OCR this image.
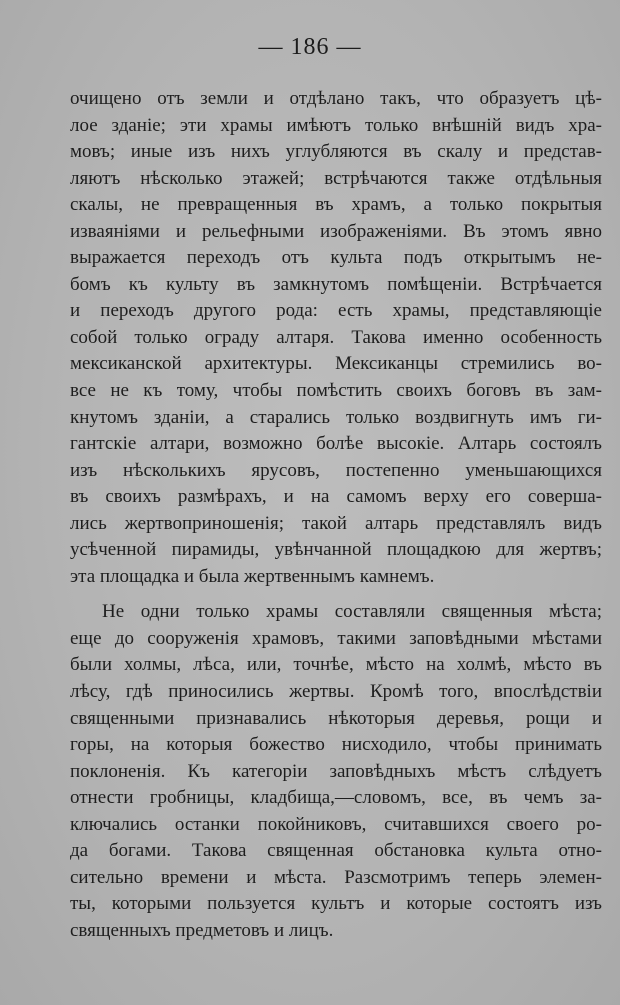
— 186 —
очищено отъ земли и отдѣлано такъ, что образуетъ цѣ-
лое зданіе; эти храмы имѣютъ только внѣшній видъ хра-
мовъ; иные изъ нихъ углубляются въ скалу и представ-
ляютъ нѣсколько этажей; встрѣчаются также отдѣльныя
скалы, не превращенныя въ храмъ, а только покрытыя
изваяніями и рельефными изображеніями. Въ этомъ явно
выражается переходъ отъ культа подъ открытымъ не-
бомъ къ культу въ замкнутомъ помѣщеніи. Встрѣчается
и переходъ другого рода: есть храмы, представляющіе
собой только ограду алтаря. Такова именно особенность
мексиканской архитектуры. Мексиканцы стремились во-
все не къ тому, чтобы помѣстить своихъ боговъ въ зам-
кнутомъ зданіи, а старались только воздвигнуть имъ ги-
гантскіе алтари, возможно болѣе высокіе. Алтарь состоялъ
изъ нѣсколькихъ ярусовъ, постепенно уменьшающихся
въ своихъ размѣрахъ, и на самомъ верху его соверша-
лись жертвоприношенія; такой алтарь представлялъ видъ
усѣченной пирамиды, увѣнчанной площадкою для жертвъ;
эта площадка и была жертвеннымъ камнемъ.
Не одни только храмы составляли священныя мѣста;
еще до сооруженія храмовъ, такими заповѣдными мѣстами
были холмы, лѣса, или, точнѣе, мѣсто на холмѣ, мѣсто въ
лѣсу, гдѣ приносились жертвы. Кромѣ того, впослѣдствіи
священными признавались нѣкоторыя деревья, рощи и
горы, на которыя божество нисходило, чтобы принимать
поклоненія. Къ категоріи заповѣдныхъ мѣстъ слѣдуетъ
отнести гробницы, кладбища,—словомъ, все, въ чемъ за-
ключались останки покойниковъ, считавшихся своего ро-
да богами. Такова священная обстановка культа отно-
сительно времени и мѣста. Разсмотримъ теперь элемен-
ты, которыми пользуется культъ и которые состоятъ изъ
священныхъ предметовъ и лицъ.
